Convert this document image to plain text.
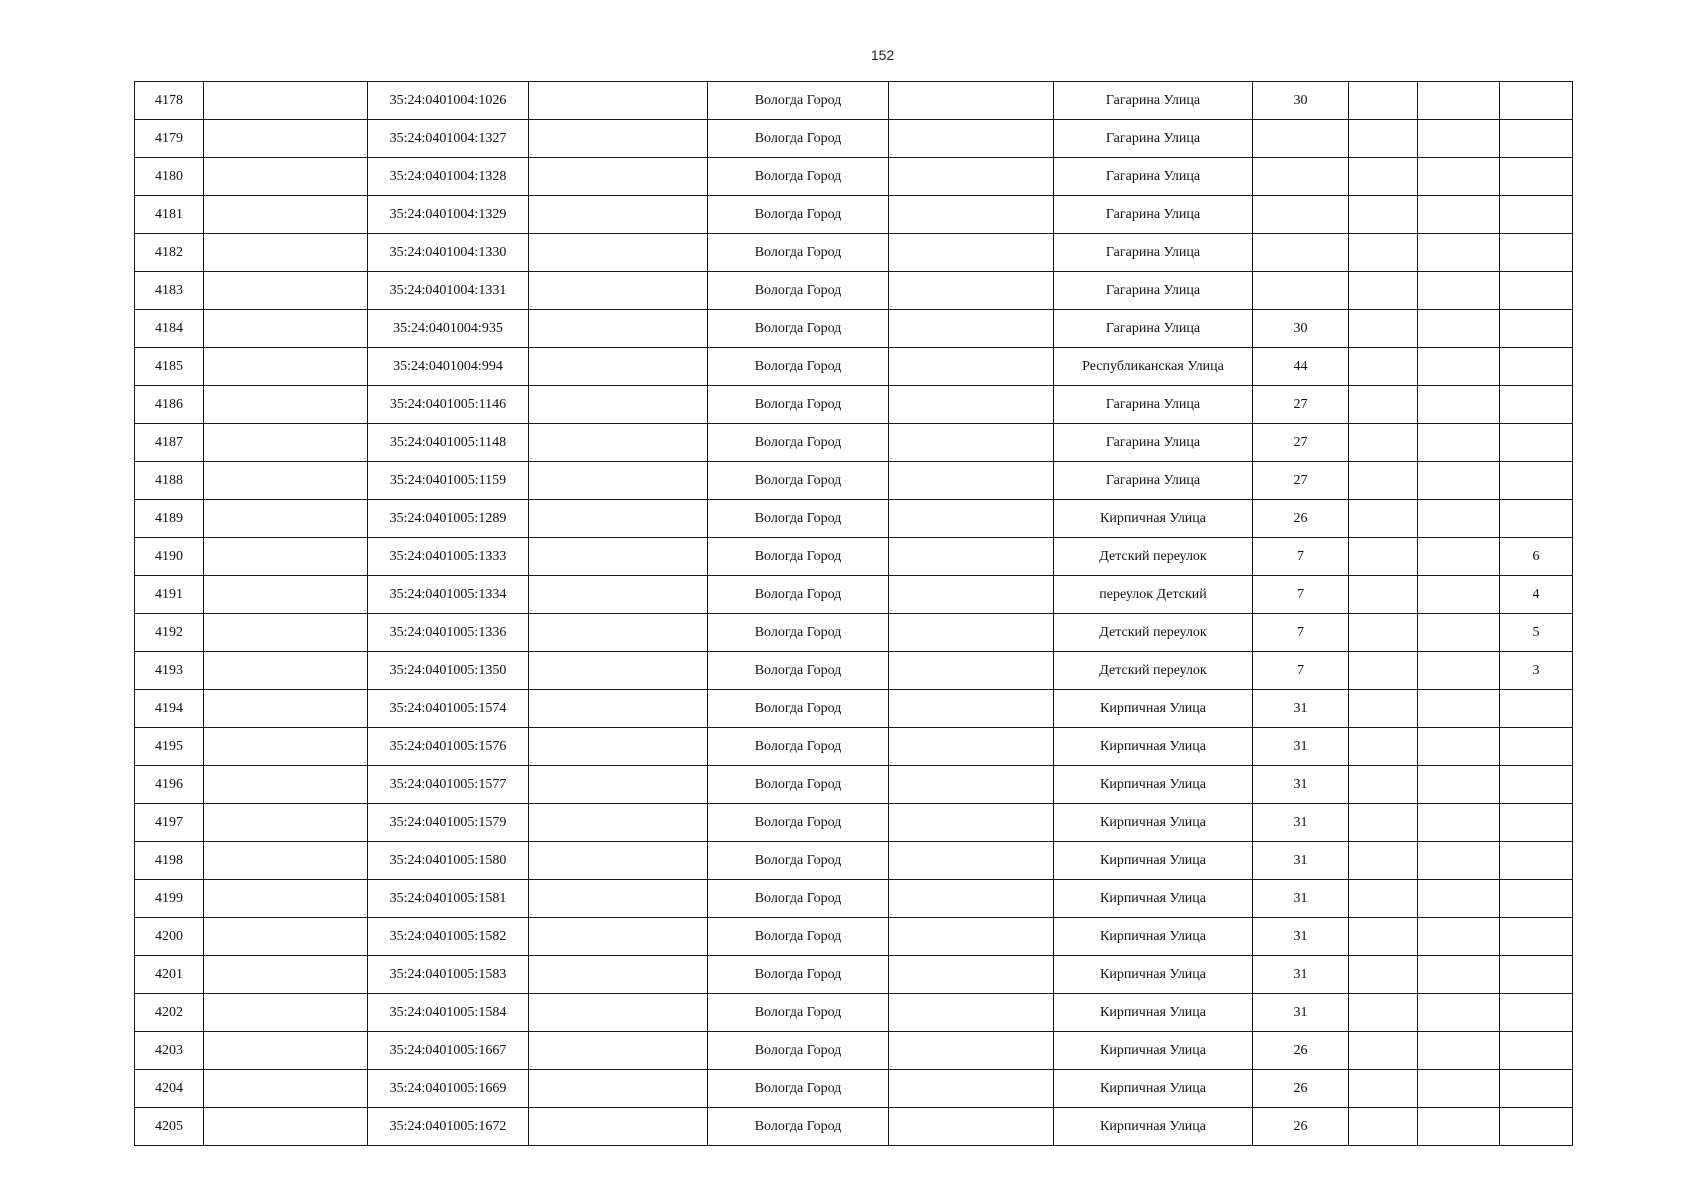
152
4178		35:24:0401004:1026		Вологда Город		Гагарина Улица	30			
4179		35:24:0401004:1327		Вологда Город		Гагарина Улица				
4180		35:24:0401004:1328		Вологда Город		Гагарина Улица				
4181		35:24:0401004:1329		Вологда Город		Гагарина Улица				
4182		35:24:0401004:1330		Вологда Город		Гагарина Улица				
4183		35:24:0401004:1331		Вологда Город		Гагарина Улица				
4184		35:24:0401004:935		Вологда Город		Гагарина Улица	30			
4185		35:24:0401004:994		Вологда Город		Республиканская Улица	44			
4186		35:24:0401005:1146		Вологда Город		Гагарина Улица	27			
4187		35:24:0401005:1148		Вологда Город		Гагарина Улица	27			
4188		35:24:0401005:1159		Вологда Город		Гагарина Улица	27			
4189		35:24:0401005:1289		Вологда Город		Кирпичная Улица	26			
4190		35:24:0401005:1333		Вологда Город		Детский переулок	7			6
4191		35:24:0401005:1334		Вологда Город		переулок Детский	7			4
4192		35:24:0401005:1336		Вологда Город		Детский переулок	7			5
4193		35:24:0401005:1350		Вологда Город		Детский переулок	7			3
4194		35:24:0401005:1574		Вологда Город		Кирпичная Улица	31			
4195		35:24:0401005:1576		Вологда Город		Кирпичная Улица	31			
4196		35:24:0401005:1577		Вологда Город		Кирпичная Улица	31			
4197		35:24:0401005:1579		Вологда Город		Кирпичная Улица	31			
4198		35:24:0401005:1580		Вологда Город		Кирпичная Улица	31			
4199		35:24:0401005:1581		Вологда Город		Кирпичная Улица	31			
4200		35:24:0401005:1582		Вологда Город		Кирпичная Улица	31			
4201		35:24:0401005:1583		Вологда Город		Кирпичная Улица	31			
4202		35:24:0401005:1584		Вологда Город		Кирпичная Улица	31			
4203		35:24:0401005:1667		Вологда Город		Кирпичная Улица	26			
4204		35:24:0401005:1669		Вологда Город		Кирпичная Улица	26			
4205		35:24:0401005:1672		Вологда Город		Кирпичная Улица	26			
